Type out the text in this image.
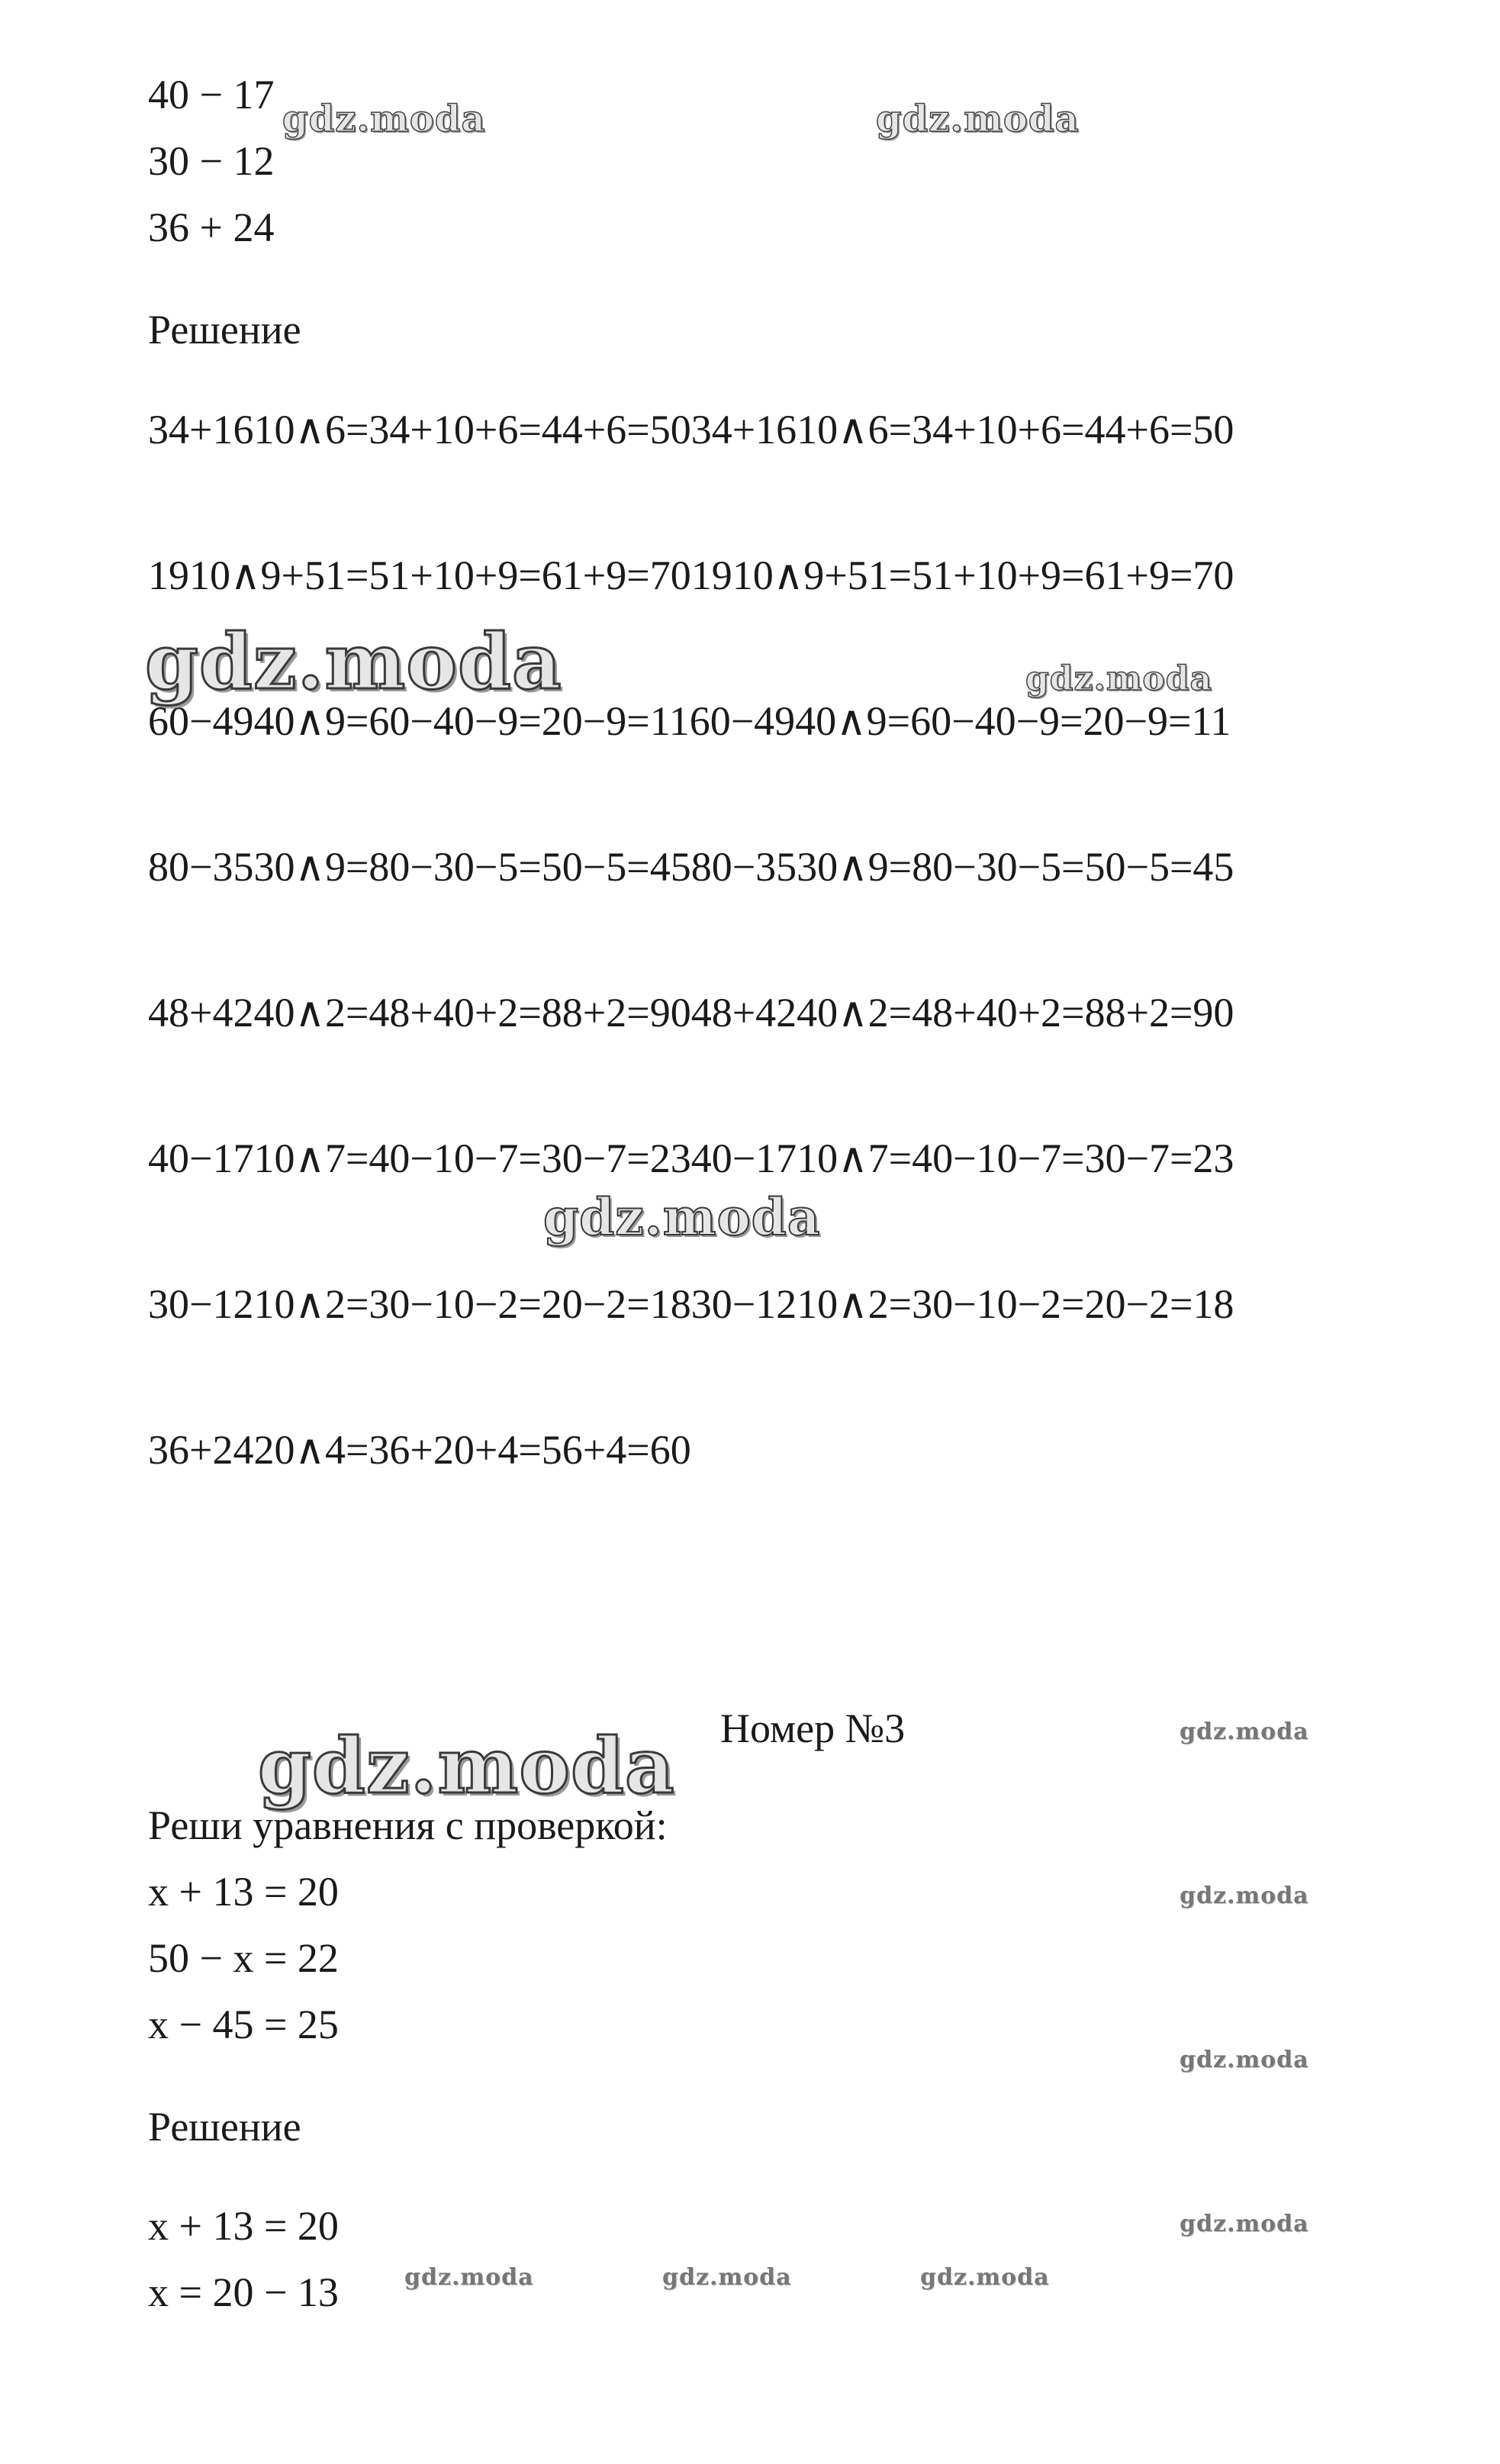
40 − 17

30 − 12

36 + 24

Решение

34+1610∧6=34+10+6=44+6=5034+1610∧6=34+10+6=44+6=50

1910∧9+51=51+10+9=61+9=701910∧9+51=51+10+9=61+9=70

60−4940∧9=60−40−9=20−9=1160−4940∧9=60−40−9=20−9=11

80−3530∧9=80−30−5=50−5=4580−3530∧9=80−30−5=50−5=45

48+4240∧2=48+40+2=88+2=9048+4240∧2=48+40+2=88+2=90

40−1710∧7=40−10−7=30−7=2340−1710∧7=40−10−7=30−7=23

30−1210∧2=30−10−2=20−2=1830−1210∧2=30−10−2=20−2=18

36+2420∧4=36+20+4=56+4=60

Номер №3

Реши уравнения с проверкой:

x + 13 = 20

50 − x = 22

x − 45 = 25

Решение

x + 13 = 20

x = 20 − 13

gdz.moda	gdz.moda
gdz.moda	gdz.moda
gdz.moda
gdz.moda	gdz.moda
gdz.moda
gdz.moda
gdz.moda
gdz.moda	gdz.moda	gdz.moda
